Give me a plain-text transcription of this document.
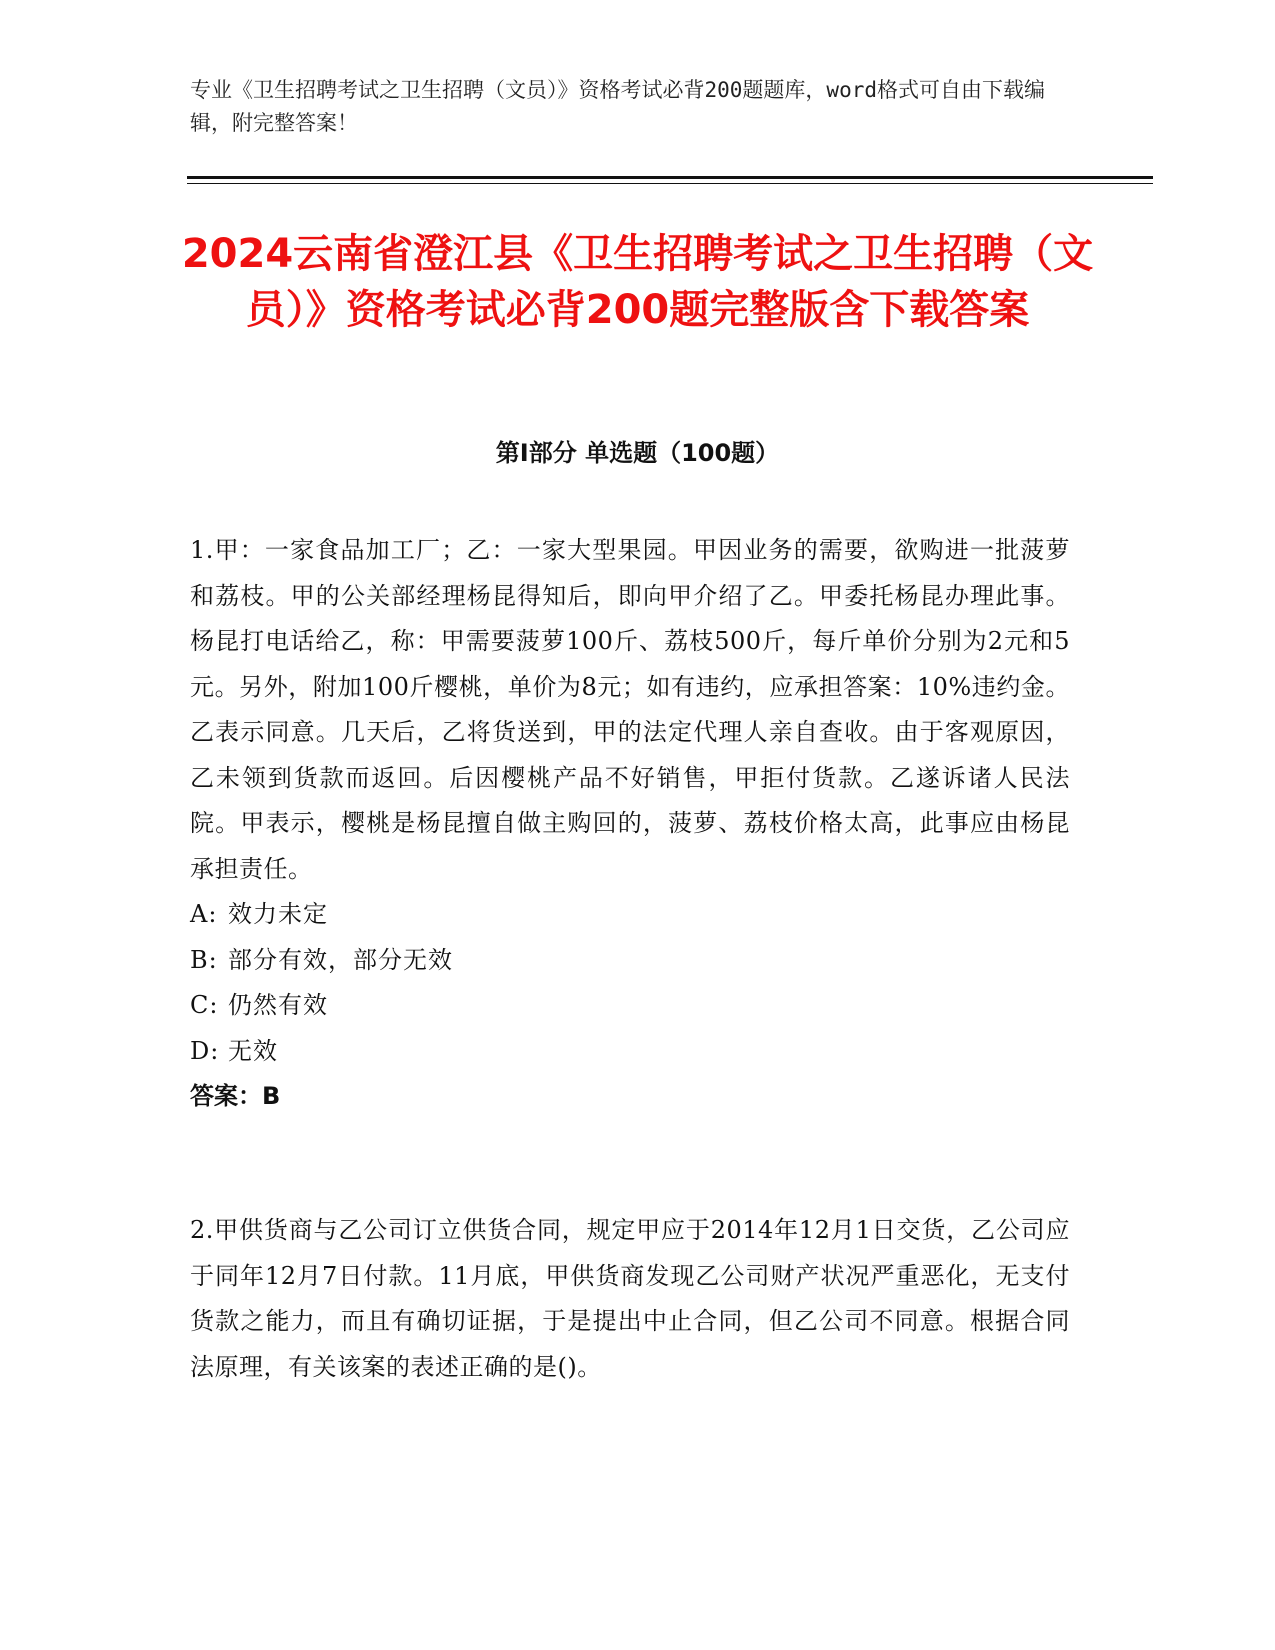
专业《卫生招聘考试之卫生招聘（文员）》资格考试必背200题题库，word格式可自由下载编辑，附完整答案！
2024云南省澄江县《卫生招聘考试之卫生招聘（文员）》资格考试必背200题完整版含下载答案
第I部分 单选题（100题）

1.甲：一家食品加工厂；乙：一家大型果园。甲因业务的需要，欲购进一批菠萝和荔枝。甲的公关部经理杨昆得知后，即向甲介绍了乙。甲委托杨昆办理此事。杨昆打电话给乙，称：甲需要菠萝100斤、荔枝500斤，每斤单价分别为2元和5元。另外，附加100斤樱桃，单价为8元；如有违约，应承担答案：10%违约金。乙表示同意。几天后，乙将货送到，甲的法定代理人亲自查收。由于客观原因，乙未领到货款而返回。后因樱桃产品不好销售，甲拒付货款。乙遂诉诸人民法院。甲表示，樱桃是杨昆擅自做主购回的，菠萝、荔枝价格太高，此事应由杨昆承担责任。

A: 效力未定

B: 部分有效，部分无效

C: 仍然有效

D: 无效

答案：B

2.甲供货商与乙公司订立供货合同，规定甲应于2014年12月1日交货，乙公司应于同年12月7日付款。11月底，甲供货商发现乙公司财产状况严重恶化，无支付货款之能力，而且有确切证据，于是提出中止合同，但乙公司不同意。根据合同法原理，有关该案的表述正确的是()。
